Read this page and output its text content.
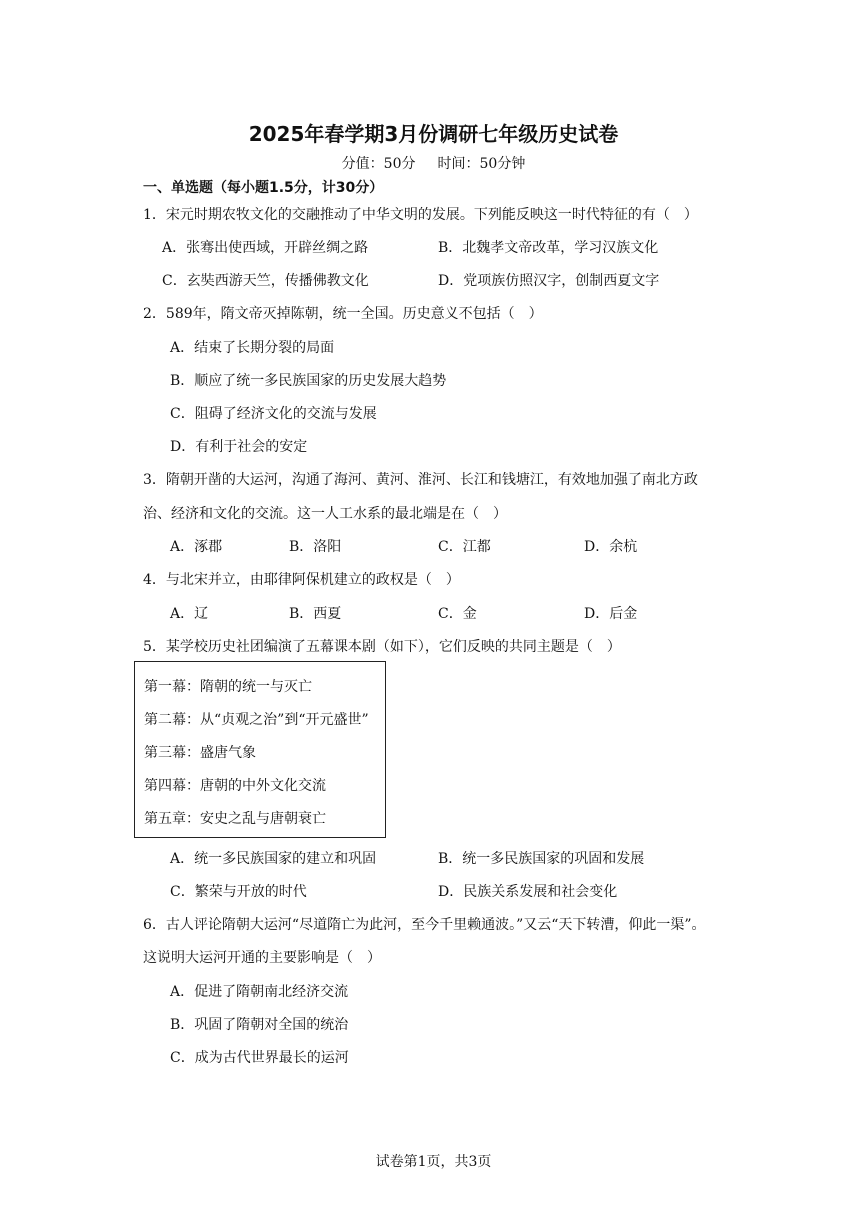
2025年春学期3月份调研七年级历史试卷
分值：50分 时间：50分钟
一、单选题（每小题1.5分，计30分）
1．宋元时期农牧文化的交融推动了中华文明的发展。下列能反映这一时代特征的有（　）
A．张骞出使西域，开辟丝绸之路	B．北魏孝文帝改革，学习汉族文化
C．玄奘西游天竺，传播佛教文化	D．党项族仿照汉字，创制西夏文字
2．589年，隋文帝灭掉陈朝，统一全国。历史意义不包括（　）
A．结束了长期分裂的局面
B．顺应了统一多民族国家的历史发展大趋势
C．阻碍了经济文化的交流与发展
D．有利于社会的安定
3．隋朝开凿的大运河，沟通了海河、黄河、淮河、长江和钱塘江，有效地加强了南北方政
治、经济和文化的交流。这一人工水系的最北端是在（　）
A．涿郡	B．洛阳	C．江都	D．余杭
4．与北宋并立，由耶律阿保机建立的政权是（　）
A．辽	B．西夏	C．金	D．后金
5．某学校历史社团编演了五幕课本剧（如下），它们反映的共同主题是（　）
第一幕：隋朝的统一与灭亡
第二幕：从“贞观之治”到“开元盛世”
第三幕：盛唐气象
第四幕：唐朝的中外文化交流
第五章：安史之乱与唐朝衰亡
A．统一多民族国家的建立和巩固	B．统一多民族国家的巩固和发展
C．繁荣与开放的时代	D．民族关系发展和社会变化
6．古人评论隋朝大运河“尽道隋亡为此河，至今千里赖通波。”又云“天下转漕，仰此一渠”。
这说明大运河开通的主要影响是（　）
A．促进了隋朝南北经济交流
B．巩固了隋朝对全国的统治
C．成为古代世界最长的运河
试卷第1页，共3页
